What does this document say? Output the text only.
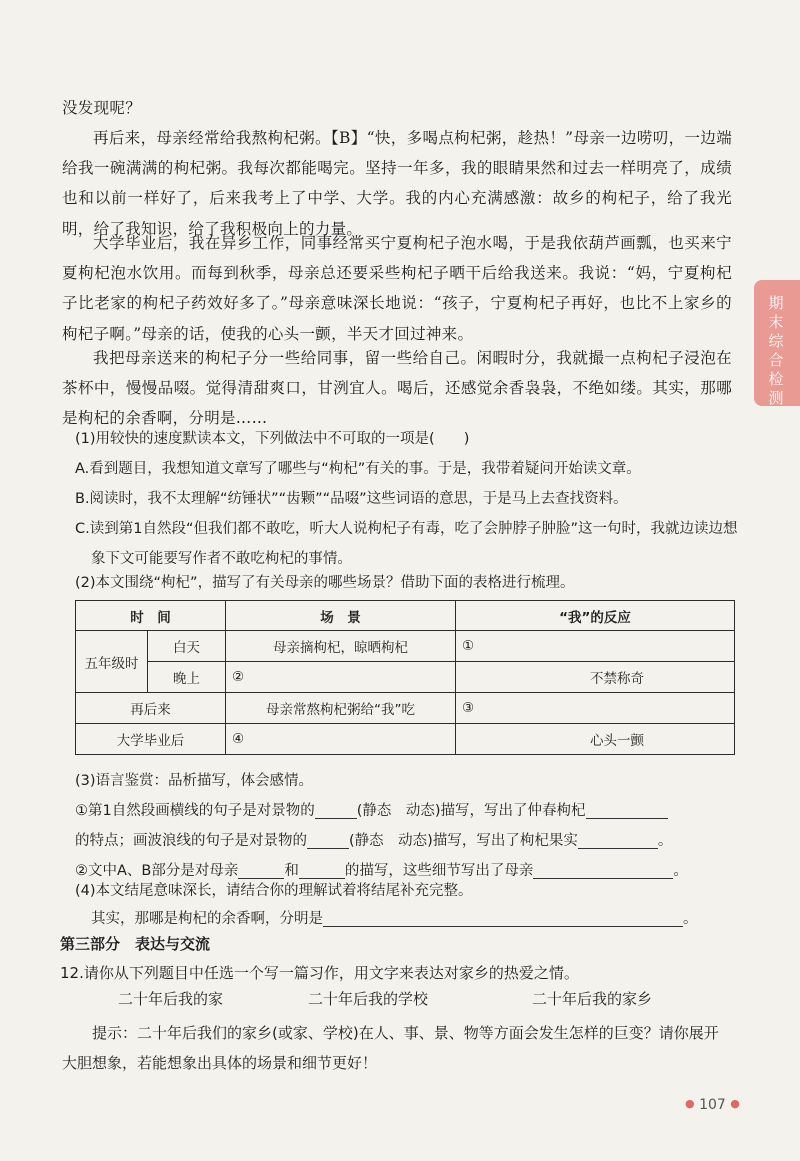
期末综合检测
没发现呢？
再后来，母亲经常给我熬枸杞粥。【B】“快，多喝点枸杞粥，趁热！”母亲一边唠叨，一边端给我一碗满满的枸杞粥。我每次都能喝完。坚持一年多，我的眼睛果然和过去一样明亮了，成绩也和以前一样好了，后来我考上了中学、大学。我的内心充满感激：故乡的枸杞子，给了我光明，给了我知识，给了我积极向上的力量。
大学毕业后，我在异乡工作，同事经常买宁夏枸杞子泡水喝，于是我依葫芦画瓢，也买来宁夏枸杞泡水饮用。而每到秋季，母亲总还要采些枸杞子晒干后给我送来。我说：“妈，宁夏枸杞子比老家的枸杞子药效好多了。”母亲意味深长地说：“孩子，宁夏枸杞子再好，也比不上家乡的枸杞子啊。”母亲的话，使我的心头一颤，半天才回过神来。
我把母亲送来的枸杞子分一些给同事，留一些给自己。闲暇时分，我就撮一点枸杞子浸泡在茶杯中，慢慢品啜。觉得清甜爽口，甘洌宜人。喝后，还感觉余香袅袅，不绝如缕。其实，那哪是枸杞的余香啊，分明是……
(1)用较快的速度默读本文，下列做法中不可取的一项是(　　)
A.看到题目，我想知道文章写了哪些与“枸杞”有关的事。于是，我带着疑问开始读文章。
B.阅读时，我不太理解“纺锤状”“齿颗”“品啜”这些词语的意思，于是马上去查找资料。
C.读到第1自然段“但我们都不敢吃，听大人说枸杞子有毒，吃了会肿脖子肿脸”这一句时，我就边读边想象下文可能要写作者不敢吃枸杞的事情。
(2)本文围绕“枸杞”，描写了有关母亲的哪些场景？借助下面的表格进行梳理。
时　间		场　景	“我”的反应
五年级时	白天	母亲摘枸杞，晾晒枸杞	①
	晚上	②	不禁称奇
再后来		母亲常熬枸杞粥给“我”吃	③
大学毕业后		④	心头一颤
(3)语言鉴赏：品析描写，体会感情。
①第1自然段画横线的句子是对景物的	(静态　动态)描写，写出了仲春枸杞
的特点；画波浪线的句子是对景物的	(静态　动态)描写，写出了枸杞果实	。
②文中A、B部分是对母亲	和	的描写，这些细节写出了母亲	。
(4)本文结尾意味深长，请结合你的理解试着将结尾补充完整。
其实，那哪是枸杞的余香啊，分明是	。
第三部分　表达与交流
12.请你从下列题目中任选一个写一篇习作，用文字来表达对家乡的热爱之情。
二十年后我的家	二十年后我的学校	二十年后我的家乡
提示：二十年后我们的家乡(或家、学校)在人、事、景、物等方面会发生怎样的巨变？请你展开大胆想象，若能想象出具体的场景和细节更好！
● 107 ●
